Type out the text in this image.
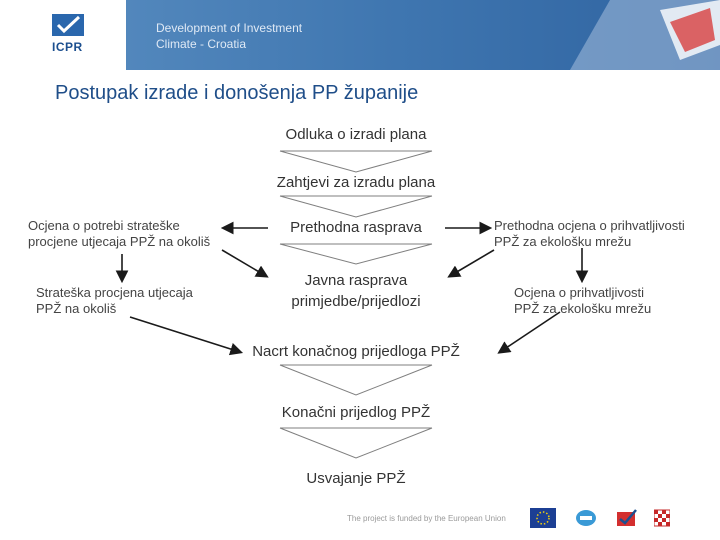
ICPR
Development of Investment
Climate - Croatia
Postupak izrade i donošenja PP županije
Odluka o izradi plana
Zahtjevi za izradu plana
Prethodna rasprava
Javna rasprava
primjedbe/prijedlozi
Nacrt konačnog prijedloga PPŽ
Konačni prijedlog PPŽ
Usvajanje PPŽ
Ocjena o potrebi strateške
procjene utjecaja PPŽ na okoliš
Strateška procjena utjecaja
PPŽ na okoliš
Prethodna ocjena o prihvatljivosti
PPŽ za ekološku mrežu
Ocjena o prihvatljivosti
PPŽ za ekološku mrežu
The project is funded by the European Union
